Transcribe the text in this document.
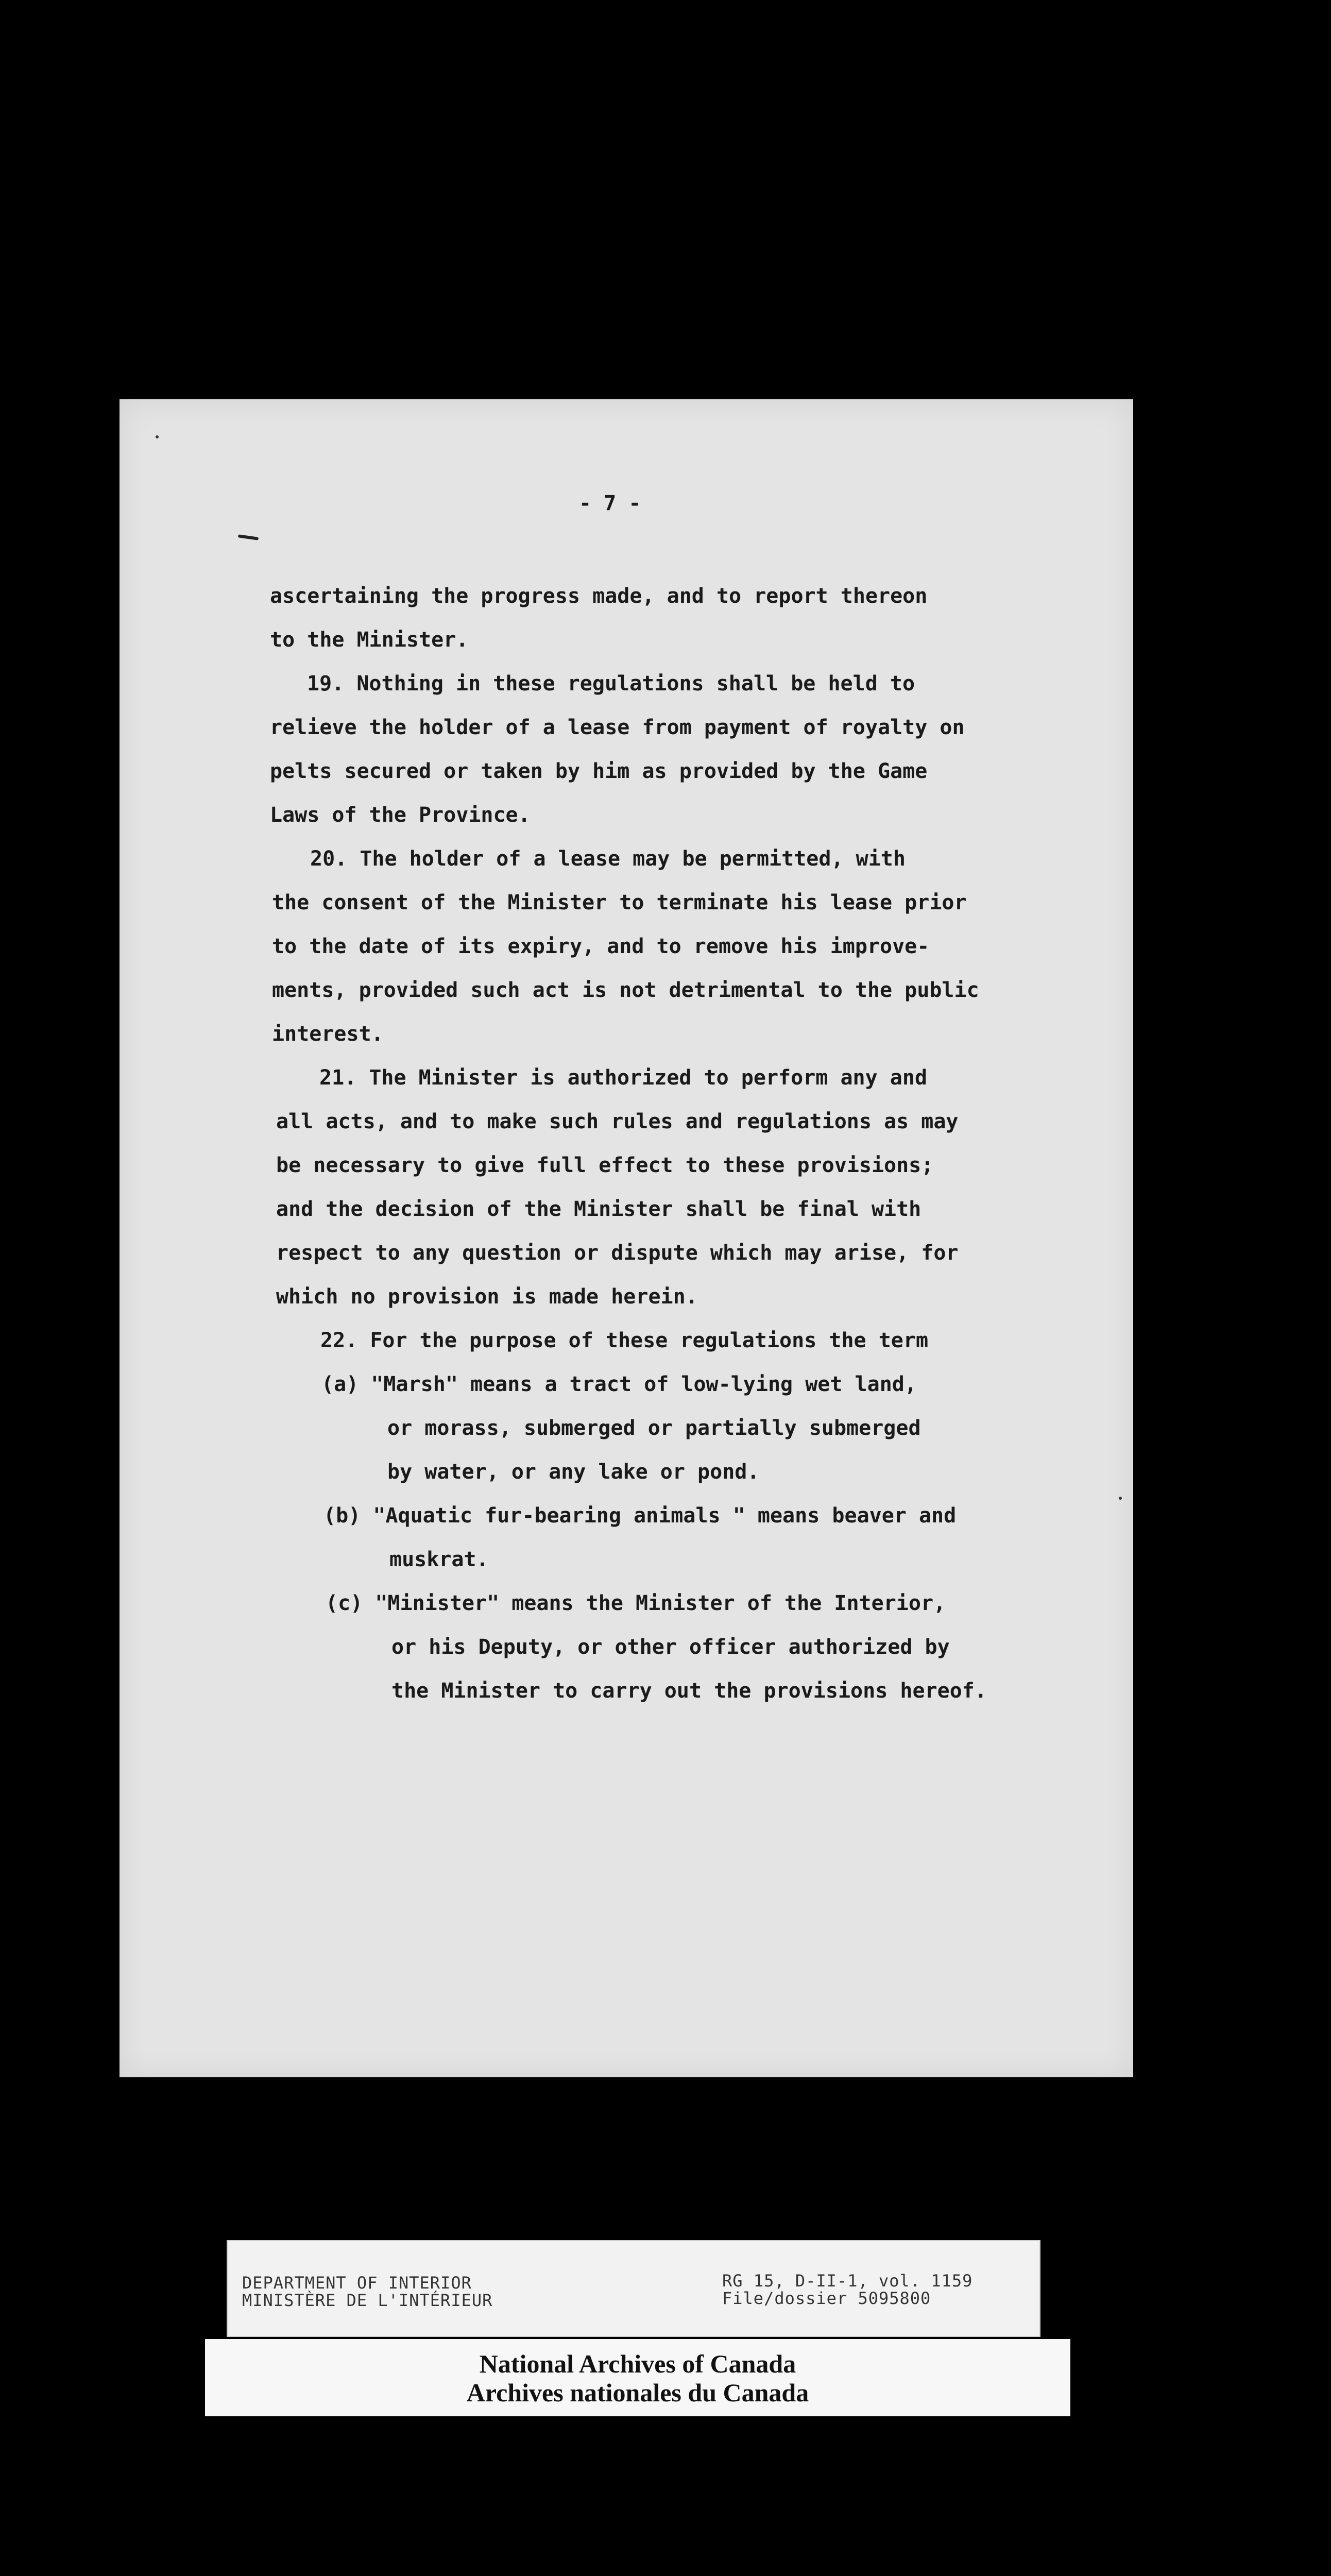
- 7 -

ascertaining the progress made, and to report thereon

to the Minister.

19. Nothing in these regulations shall be held to

relieve the holder of a lease from payment of royalty on

pelts secured or taken by him as provided by the Game

Laws of the Province.

20. The holder of a lease may be permitted, with

the consent of the Minister to terminate his lease prior

to the date of its expiry, and to remove his improve-

ments, provided such act is not detrimental to the public

interest.

21. The Minister is authorized to perform any and

all acts, and to make such rules and regulations as may

be necessary to give full effect to these provisions;

and the decision of the Minister shall be final with

respect to any question or dispute which may arise, for

which no provision is made herein.

22. For the purpose of these regulations the term

(a) "Marsh" means a tract of low-lying wet land,

or morass, submerged or partially submerged

by water, or any lake or pond.

(b) "Aquatic fur-bearing animals " means beaver and

muskrat.

(c) "Minister" means the Minister of the Interior,

or his Deputy, or other officer authorized by

the Minister to carry out the provisions hereof.

DEPARTMENT OF INTERIOR

MINISTÈRE DE L'INTÉRIEUR

RG 15, D-II-1, vol. 1159

File/dossier 5095800

National Archives of Canada

Archives nationales du Canada
